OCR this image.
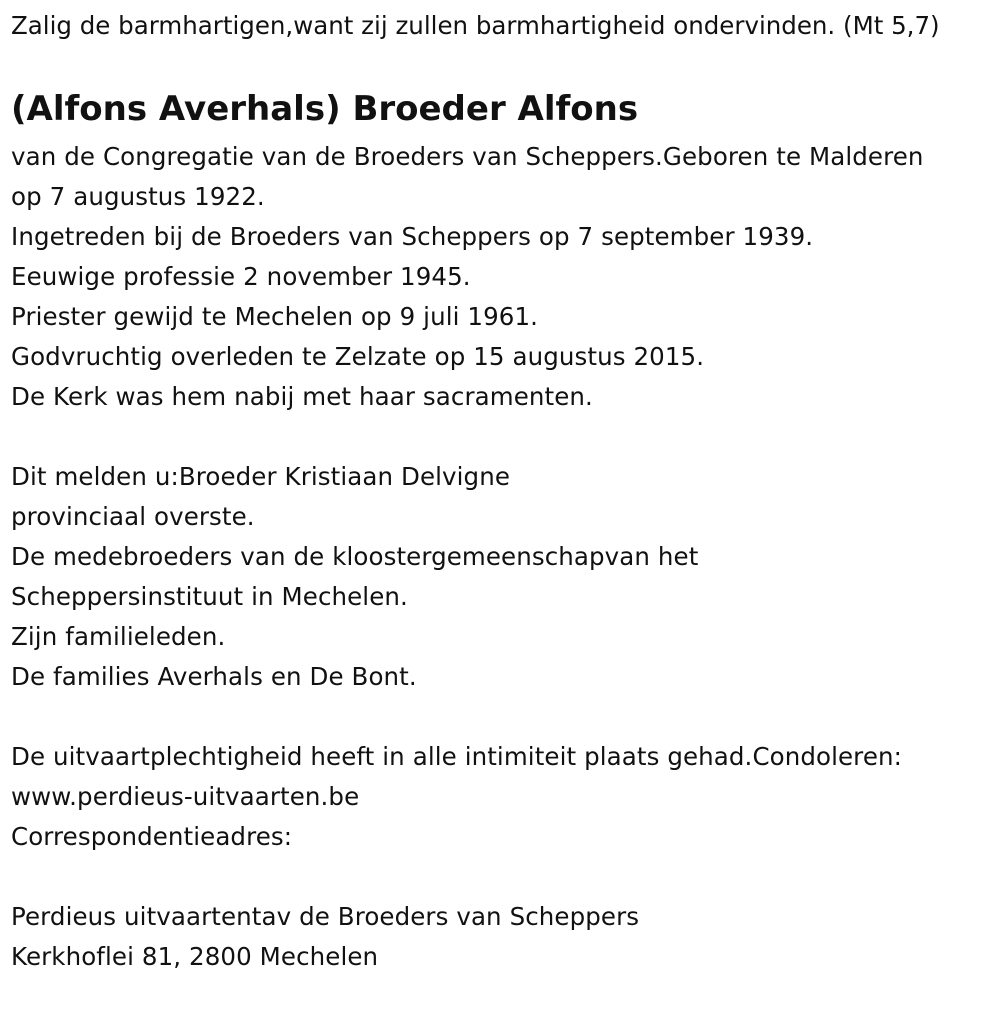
Zalig de barmhartigen,want zij zullen barmhartigheid ondervinden. (Mt 5,7)
(Alfons Averhals) Broeder Alfons
van de Congregatie van de Broeders van Scheppers.Geboren te Malderen
op 7 augustus 1922.
Ingetreden bij de Broeders van Scheppers op 7 september 1939.
Eeuwige professie 2 november 1945.
Priester gewijd te Mechelen op 9 juli 1961.
Godvruchtig overleden te Zelzate op 15 augustus 2015.
De Kerk was hem nabij met haar sacramenten.
Dit melden u:Broeder Kristiaan Delvigne
provinciaal overste.
De medebroeders van de kloostergemeenschapvan het
Scheppersinstituut in Mechelen.
Zijn familieleden.
De families Averhals en De Bont.
De uitvaartplechtigheid heeft in alle intimiteit plaats gehad.Condoleren:
www.perdieus-uitvaarten.be
Correspondentieadres:
Perdieus uitvaartentav de Broeders van Scheppers
Kerkhoflei 81, 2800 Mechelen
